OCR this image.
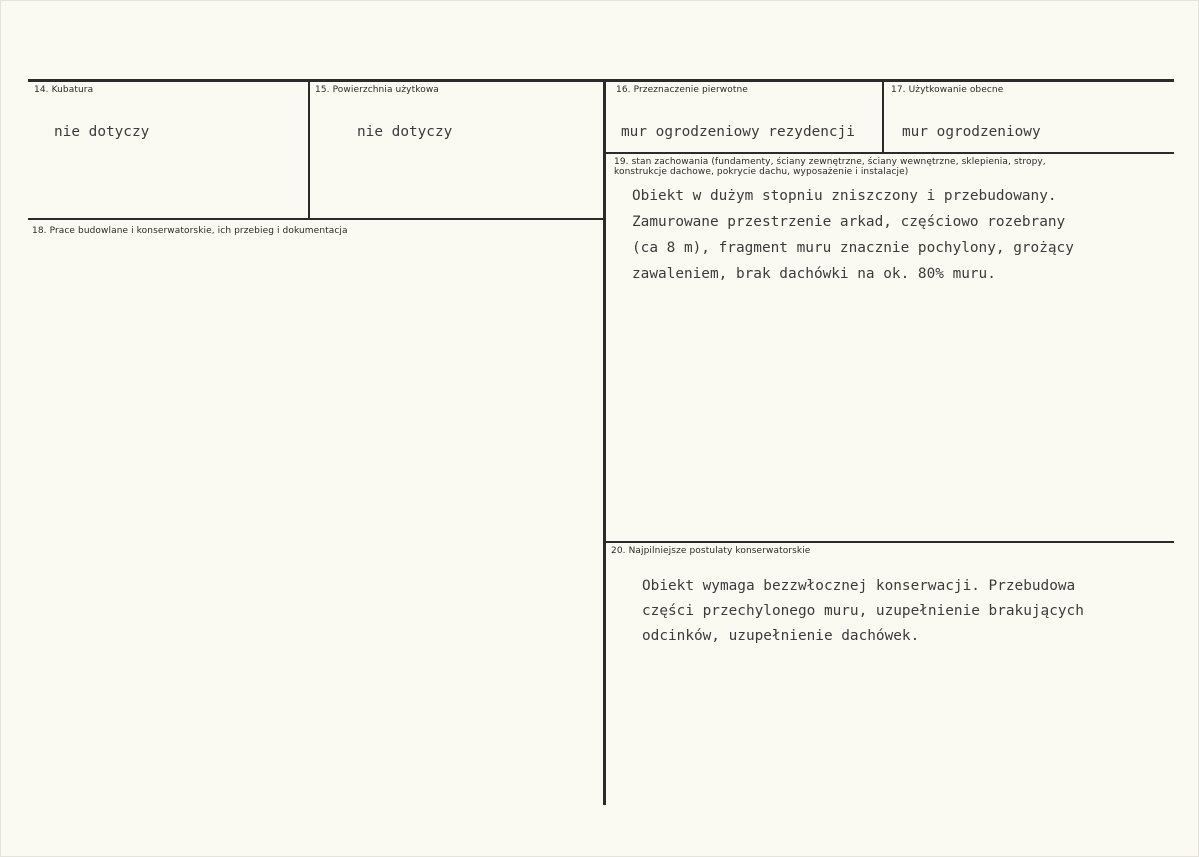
14. Kubatura
nie dotyczy
15. Powierzchnia użytkowa
nie dotyczy
16. Przeznaczenie pierwotne
mur ogrodzeniowy rezydencji
17. Użytkowanie obecne
mur ogrodzeniowy
18. Prace budowlane i konserwatorskie, ich przebieg i dokumentacja
19. stan zachowania (fundamenty, ściany zewnętrzne, ściany wewnętrzne, sklepienia, stropy,
konstrukcje dachowe, pokrycie dachu, wyposażenie i instalacje)
Obiekt w dużym stopniu zniszczony i przebudowany.
Zamurowane przestrzenie arkad, częściowo rozebrany
(ca 8 m), fragment muru znacznie pochylony, grożący
zawaleniem, brak dachówki na ok. 80% muru.
20. Najpilniejsze postulaty konserwatorskie
Obiekt wymaga bezzwłocznej konserwacji. Przebudowa
części przechylonego muru, uzupełnienie brakujących
odcinków, uzupełnienie dachówek.
